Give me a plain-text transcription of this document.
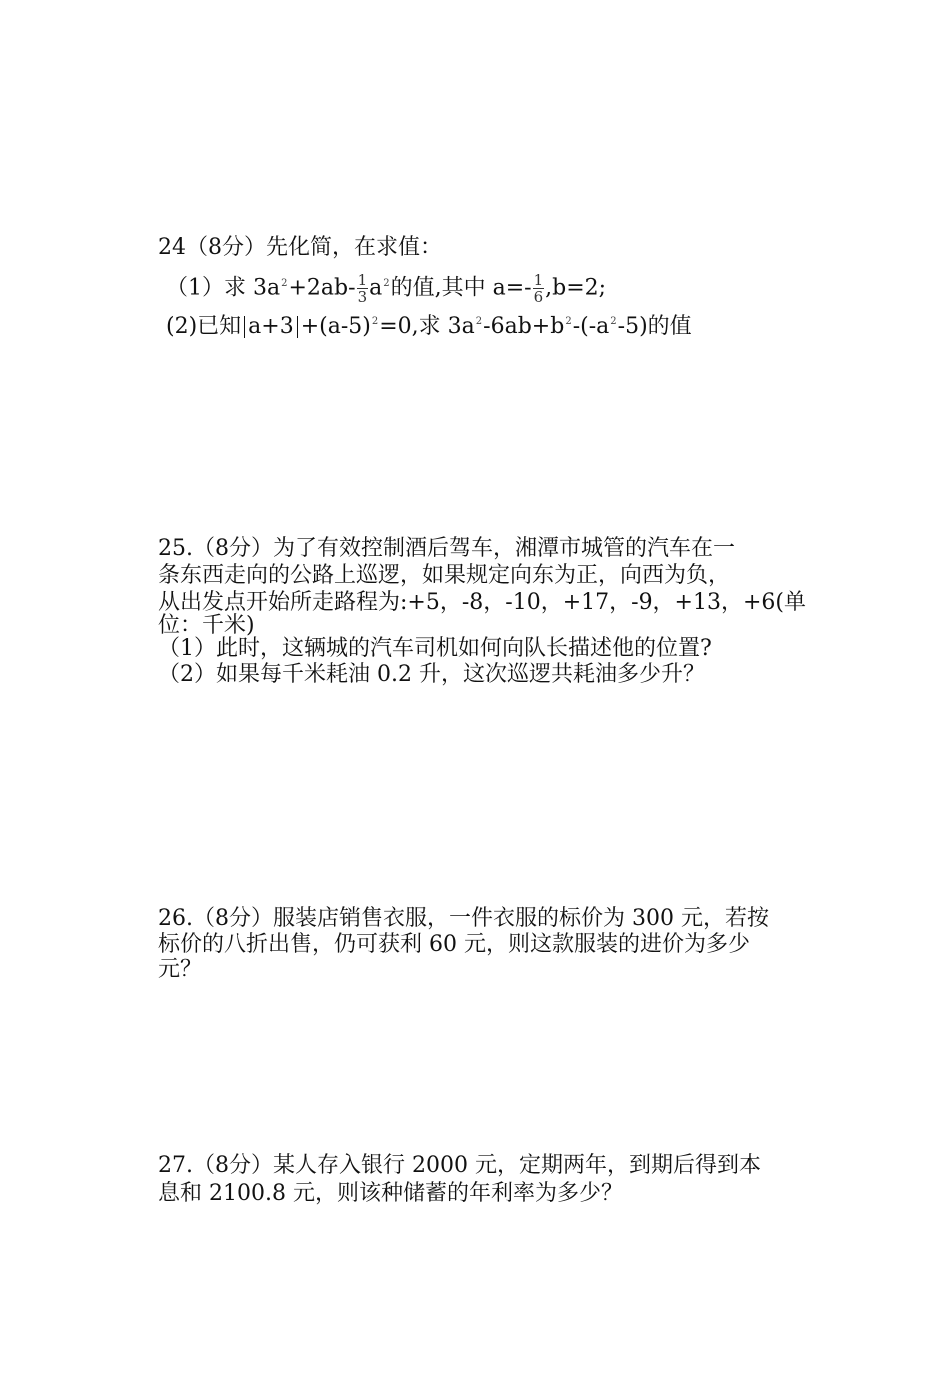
24（8分）先化简，在求值：

（1）求 $3a^2+2ab- \frac{1}{3} a^2$的值,其中 $a=- \frac{1}{6} ,b=2$;

(2)已知 $a+3 +(a-5)^2=0$,求 $3a^2-6ab+b^2-(-a^2-5)$的值

25.（8分）为了有效控制酒后驾车，湘潭市城管的汽车在一

条东西走向的公路上巡逻，如果规定向东为正，向西为负，

从出发点开始所走路程为:+5，-8，-10，+17，-9，+13，+6(单

位：千米)

（1）此时，这辆城的汽车司机如何向队长描述他的位置?

（2）如果每千米耗油 0.2 升，这次巡逻共耗油多少升？

26.（8分）服装店销售衣服，一件衣服的标价为 300 元，若按

标价的八折出售，仍可获利 60 元，则这款服装的进价为多少

元？

27.（8分）某人存入银行 2000 元，定期两年，到期后得到本

息和 2100.8 元，则该种储蓄的年利率为多少？
